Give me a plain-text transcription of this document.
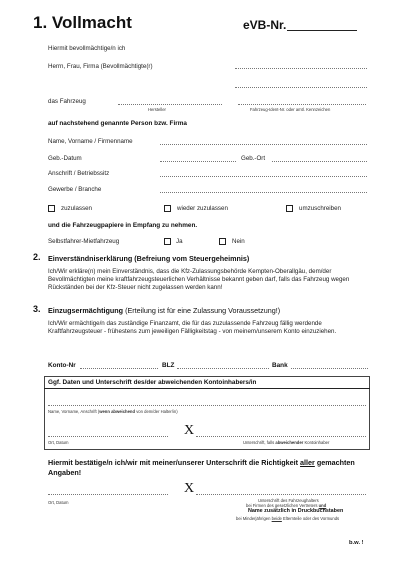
1. Vollmacht	eVB-Nr.
Hiermit bevollmächtige/n ich
Herrn, Frau, Firma (Bevollmächtigte(r)
das Fahrzeug
Hersteller	Fahrzeug-Ident-Nr. oder amtl. Kennzeichen
auf nachstehend genannte Person bzw. Firma
Name, Vorname / Firmenname
Geb.-Datum	Geb.-Ort
Anschrift / Betriebssitz
Gewerbe / Branche
zuzulassen	wieder zuzulassen	umzuschreiben
und die Fahrzeugpapiere in Empfang zu nehmen.
Selbstfahrer-Mietfahrzeug	Ja	Nein
2. Einverständniserklärung (Befreiung vom Steuergeheimnis)
Ich/Wir erkläre(n) mein Einverständnis, dass die Kfz-Zulassungsbehörde Kempten-Oberallgäu, dem/der Bevollmächtigten meine kraftfahrzeugsteuerlichen Verhältnisse bekannt geben darf, falls das Fahrzeug wegen Rückständen bei der Kfz-Steuer nicht zugelassen werden kann!
3. Einzugsermächtigung (Erteilung ist für eine Zulassung Voraussetzung!)
Ich/Wir ermächtige/n das zuständige Finanzamt, die für das zuzulassende Fahrzeug fällig werdende Kraftfahrzeugsteuer - frühestens zum jeweiligen Fälligkeitstag - von meinem/unserem Konto einzuziehen.
Konto-Nr	BLZ	Bank
Ggf. Daten und Unterschrift des/der abweichenden Kontoinhabers/in
Name, Vorname, Anschrift (wenn abweichend von dem/der Halter/in)
Ort, Datum
X
Unterschrift, falls abweichender Kontoinhaber
Hiermit bestätige/n ich/wir mit meiner/unserer Unterschrift die Richtigkeit aller gemachten
Angaben!
Ort, Datum
X
Unterschrift des Fahrzeughalters
bei Firmen des gesetzlichen Vertreters und
Name zusätzlich in Druckbuchstaben
bei Minderjährigen beide Elternteile oder des Vormunds
b.w. !
